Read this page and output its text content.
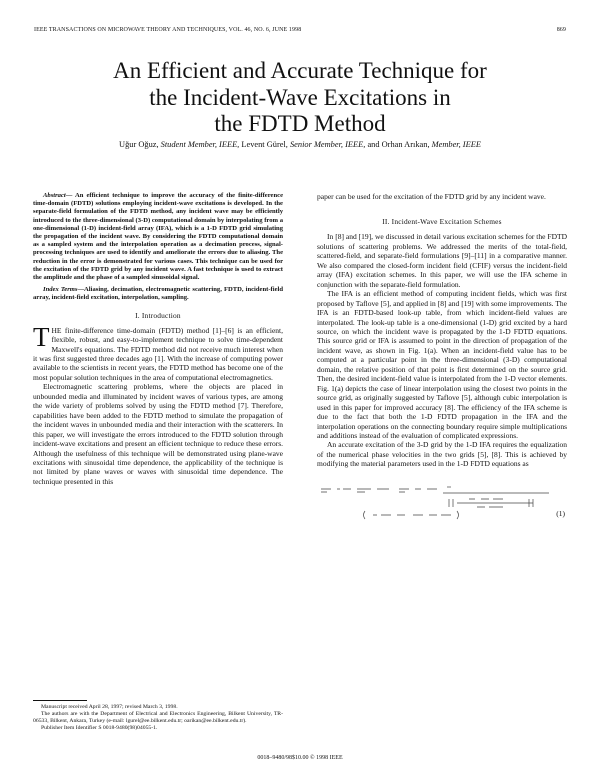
IEEE TRANSACTIONS ON MICROWAVE THEORY AND TECHNIQUES, VOL. 46, NO. 6, JUNE 1998	869
An Efficient and Accurate Technique for
the Incident-Wave Excitations in
the FDTD Method
Uğur Oğuz, Student Member, IEEE, Levent Gürel, Senior Member, IEEE, and Orhan Arıkan, Member, IEEE

Abstract— An efficient technique to improve the accuracy of the finite-difference time-domain (FDTD) solutions employing incident-wave excitations is developed. In the separate-field formulation of the FDTD method, any incident wave may be efficiently introduced to the three-dimensional (3-D) computational domain by interpolating from a one-dimensional (1-D) incident-field array (IFA), which is a 1-D FDTD grid simulating the propagation of the incident wave. By considering the FDTD computational domain as a sampled system and the interpolation operation as a decimation process, signal-processing techniques are used to identify and ameliorate the errors due to aliasing. The reduction in the error is demonstrated for various cases. This technique can be used for the excitation of the FDTD grid by any incident wave. A fast technique is used to extract the amplitude and the phase of a sampled sinusoidal signal.

Index Terms—Aliasing, decimation, electromagnetic scattering, FDTD, incident-field array, incident-field excitation, interpolation, sampling.

I. Introduction

THE finite-difference time-domain (FDTD) method [1]–[6] is an efficient, flexible, robust, and easy-to-implement technique to solve time-dependent Maxwell's equations. The FDTD method did not receive much interest when it was first suggested three decades ago [1]. With the increase of computing power available to the scientists in recent years, the FDTD method has become one of the most popular solution techniques in the area of computational electromagnetics.

Electromagnetic scattering problems, where the objects are placed in unbounded media and illuminated by incident waves of various types, are among the wide variety of problems solved by using the FDTD method [7]. Therefore, capabilities have been added to the FDTD method to simulate the propagation of the incident waves in unbounded media and their interaction with the scatterers. In this paper, we will investigate the errors introduced to the FDTD solution through incident-wave excitations and present an efficient technique to reduce these errors. Although the usefulness of this technique will be demonstrated using plane-wave excitations with sinusoidal time dependence, the applicability of the technique is not limited by plane waves or waves with sinusoidal time dependence. The technique presented in this

paper can be used for the excitation of the FDTD grid by any incident wave.

II. Incident-Wave Excitation Schemes

In [8] and [19], we discussed in detail various excitation schemes for the FDTD solutions of scattering problems. We addressed the merits of the total-field, scattered-field, and separate-field formulations [9]–[11] in a comparative manner. We also compared the closed-form incident field (CFIF) versus the incident-field array (IFA) excitation schemes. In this paper, we will use the IFA scheme in conjunction with the separate-field formulation.

The IFA is an efficient method of computing incident fields, which was first proposed by Taflove [5], and applied in [8] and [19] with some improvements. The IFA is an FDTD-based look-up table, from which incident-field values are interpolated. The look-up table is a one-dimensional (1-D) grid excited by a hard source, on which the incident wave is propagated by the 1-D FDTD equations. This source grid or IFA is assumed to point in the direction of propagation of the incident wave, as shown in Fig. 1(a). When an incident-field value has to be computed at a particular point in the three-dimensional (3-D) computational domain, the relative position of that point is first determined on the source grid. Then, the desired incident-field value is interpolated from the 1-D vector elements. Fig. 1(a) depicts the case of linear interpolation using the closest two points in the source grid, as originally suggested by Taflove [5], although cubic interpolation is used in this paper for improved accuracy [8]. The efficiency of the IFA scheme is due to the fact that both the 1-D FDTD propagation in the IFA and the interpolation operations on the connecting boundary require simple multiplications and additions instead of the evaluation of complicated expressions.

An accurate excitation of the 3-D grid by the 1-D IFA requires the equalization of the numerical phase velocities in the two grids [5], [8]. This is achieved by modifying the material parameters used in the 1-D FDTD equations as

(1)

Manuscript received April 28, 1997; revised March 3, 1998.

The authors are with the Department of Electrical and Electronics Engineering, Bilkent University, TR-06533, Bilkent, Ankara, Turkey (e-mail: lgurel@ee.bilkent.edu.tr; oarikan@ee.bilkent.edu.tr).

Publisher Item Identifier S 0018-9480(98)04055-1.

0018–9480/98$10.00 © 1998 IEEE
